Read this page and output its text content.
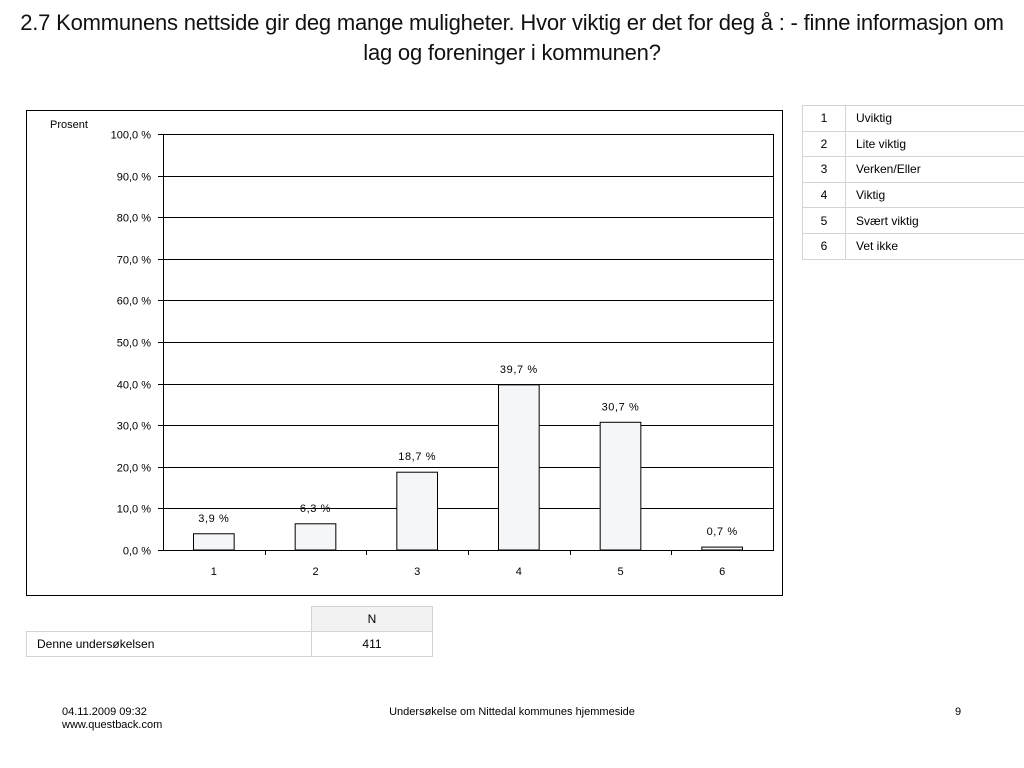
2.7 Kommunens nettside gir deg mange muligheter. Hvor viktig er det for deg å : - finne informasjon om lag og foreninger i kommunen?
0,0 %
10,0 %
20,0 %
30,0 %
40,0 %
50,0 %
60,0 %
70,0 %
80,0 %
90,0 %
100,0 %
Prosent
3,9 %
1
6,3 %
2
18,7 %
3
39,7 %
4
30,7 %
5
0,7 %
6
1	Uviktig
2	Lite viktig
3	Verken/Eller
4	Viktig
5	Svært viktig
6	Vet ikke
	N
Denne undersøkelsen	411
04.11.2009 09:32
www.questback.com
Undersøkelse om Nittedal kommunes hjemmeside	9
